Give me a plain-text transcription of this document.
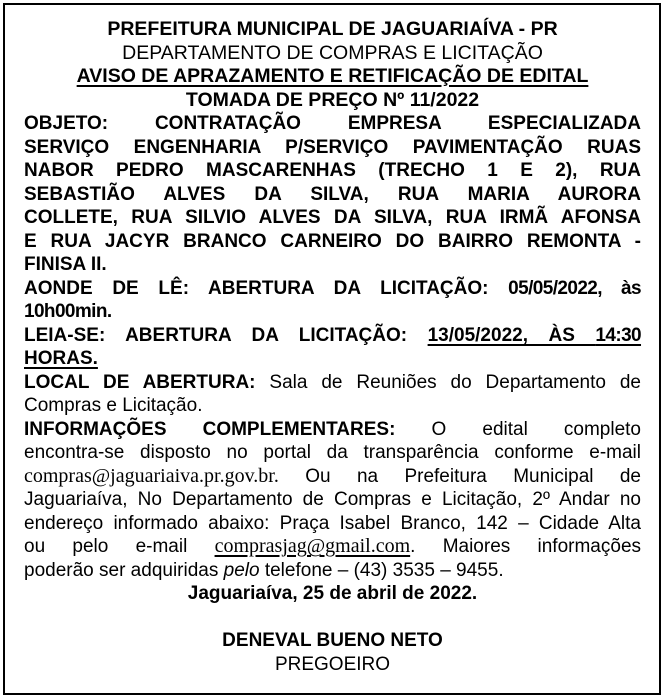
PREFEITURA MUNICIPAL DE JAGUARIAÍVA - PR
DEPARTAMENTO DE COMPRAS E LICITAÇÃO
AVISO DE APRAZAMENTO E RETIFICAÇÃO DE EDITAL
TOMADA DE PREÇO Nº 11/2022
OBJETO: CONTRATAÇÃO EMPRESA ESPECIALIZADA
SERVIÇO ENGENHARIA P/SERVIÇO PAVIMENTAÇÃO RUAS
NABOR PEDRO MASCARENHAS (TRECHO 1 E 2), RUA
SEBASTIÃO ALVES DA SILVA, RUA MARIA AURORA
COLLETE, RUA SILVIO ALVES DA SILVA, RUA IRMÃ AFONSA
E RUA JACYR BRANCO CARNEIRO DO BAIRRO REMONTA -
FINISA II.
AONDE DE LÊ: ABERTURA DA LICITAÇÃO: 05/05/2022, às
10h00min.
LEIA-SE: ABERTURA DA LICITAÇÃO: 13/05/2022, ÀS 14:30
HORAS.
LOCAL DE ABERTURA: Sala de Reuniões do Departamento de
Compras e Licitação.
INFORMAÇÕES COMPLEMENTARES: O edital completo
encontra-se disposto no portal da transparência conforme e-mail
compras@jaguariaiva.pr.gov.br. Ou na Prefeitura Municipal de
Jaguariaíva, No Departamento de Compras e Licitação, 2º Andar no
endereço informado abaixo: Praça Isabel Branco, 142 – Cidade Alta
ou pelo e-mail comprasjag@gmail.com. Maiores informações
poderão ser adquiridas pelo telefone – (43) 3535 – 9455.
Jaguariaíva, 25 de abril de 2022.
DENEVAL BUENO NETO
PREGOEIRO
